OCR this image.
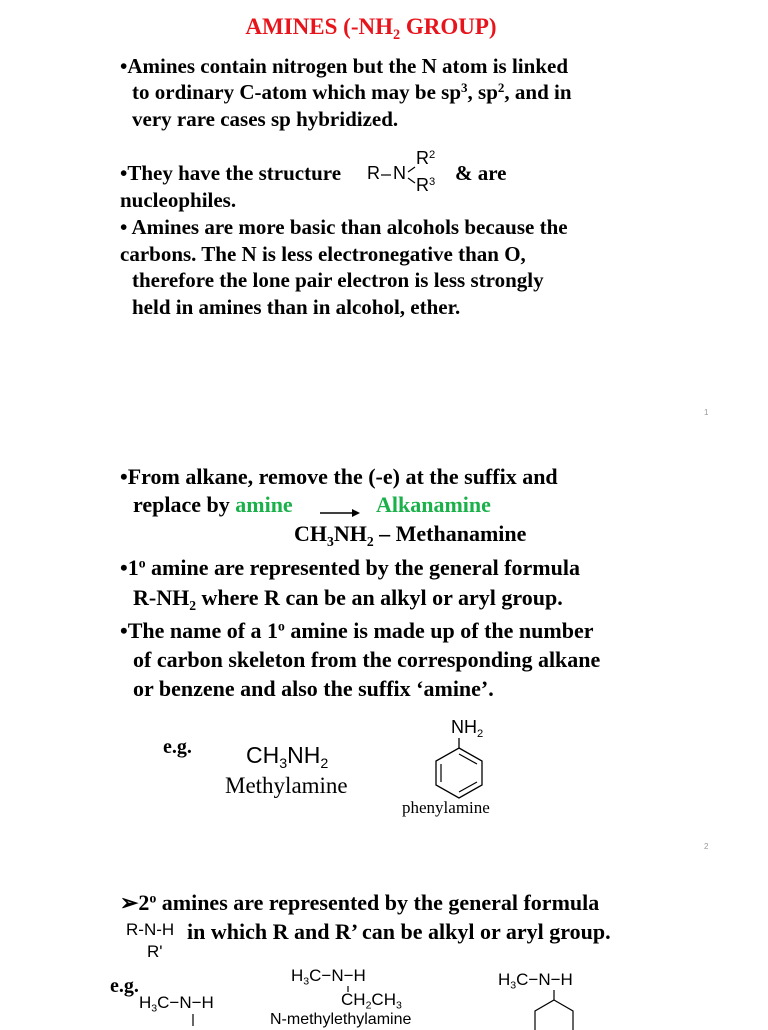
AMINES ($-NH_2$ GROUP)
•Amines contain nitrogen but the N atom is linked
to ordinary C-atom which may be $sp^3$, $sp^2$, and in
very rare cases sp hybridized.
•They have the structure	& are
nucleophiles.
R N
$R^2$
$R^3$
• Amines are more basic than alcohols because the
carbons. The N is less electronegative than O,
therefore the lone pair electron is less strongly
held in amines than in alcohol, ether.
1
•From alkane, remove the (-e) at the suffix and
replace by amine	Alkanamine
$CH_3NH_2$ – Methanamine
•1$^o$ amine are represented by the general formula
$R-NH_2$ where R can be an alkyl or aryl group.
•The name of a 1$^o$ amine is made up of the number
of carbon skeleton from the corresponding alkane
or benzene and also the suffix ‘amine’.
e.g. $CH_3NH_2$
Methylamine
$NH_2$
phenylamine
2
➢2$^o$ amines are represented by the general formula
R-N-H
R'
in which R and R’ can be alkyl or aryl group.
e.g.
$H_3C-N-H$
$H_3C-N-H$
$CH_2CH_3$
N-methylethylamine
$H_3C-N-H$
